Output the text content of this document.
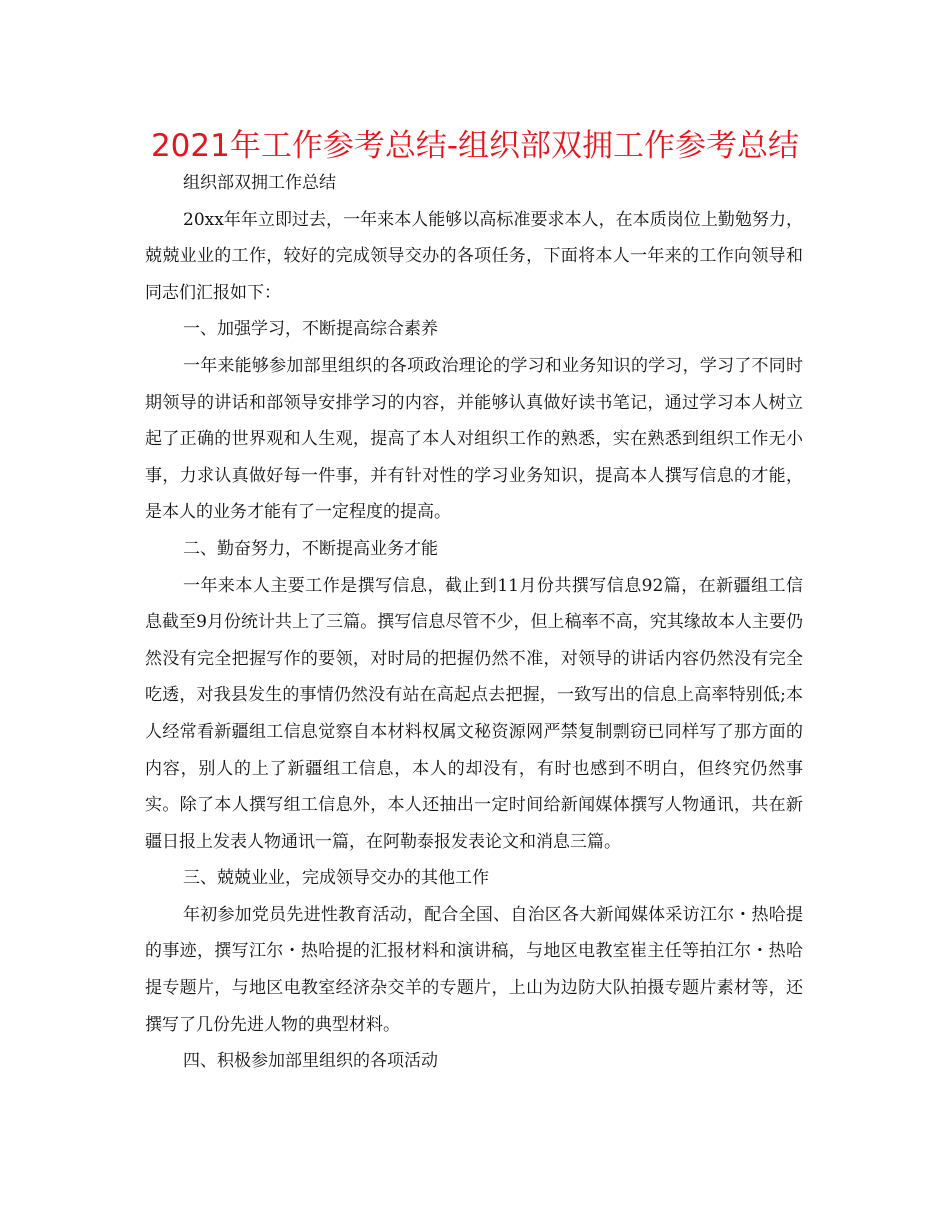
2021年工作参考总结-组织部双拥工作参考总结

组织部双拥工作总结

20xx年年立即过去，一年来本人能够以高标准要求本人，在本质岗位上勤勉努力，兢兢业业的工作，较好的完成领导交办的各项任务，下面将本人一年来的工作向领导和同志们汇报如下：

一、加强学习，不断提高综合素养

一年来能够参加部里组织的各项政治理论的学习和业务知识的学习，学习了不同时期领导的讲话和部领导安排学习的内容，并能够认真做好读书笔记，通过学习本人树立起了正确的世界观和人生观，提高了本人对组织工作的熟悉，实在熟悉到组织工作无小事，力求认真做好每一件事，并有针对性的学习业务知识，提高本人撰写信息的才能，是本人的业务才能有了一定程度的提高。

二、勤奋努力，不断提高业务才能

一年来本人主要工作是撰写信息，截止到11月份共撰写信息92篇，在新疆组工信息截至9月份统计共上了三篇。撰写信息尽管不少，但上稿率不高，究其缘故本人主要仍然没有完全把握写作的要领，对时局的把握仍然不准，对领导的讲话内容仍然没有完全吃透，对我县发生的事情仍然没有站在高起点去把握，一致写出的信息上高率特别低;本人经常看新疆组工信息觉察自本材料权属文秘资源网严禁复制剽窃已同样写了那方面的内容，别人的上了新疆组工信息，本人的却没有，有时也感到不明白，但终究仍然事实。除了本人撰写组工信息外，本人还抽出一定时间给新闻媒体撰写人物通讯，共在新疆日报上发表人物通讯一篇，在阿勒泰报发表论文和消息三篇。

三、兢兢业业，完成领导交办的其他工作

年初参加党员先进性教育活动，配合全国、自治区各大新闻媒体采访江尔・热哈提的事迹，撰写江尔・热哈提的汇报材料和演讲稿，与地区电教室崔主任等拍江尔・热哈提专题片，与地区电教室经济杂交羊的专题片，上山为边防大队拍摄专题片素材等，还撰写了几份先进人物的典型材料。

四、积极参加部里组织的各项活动
